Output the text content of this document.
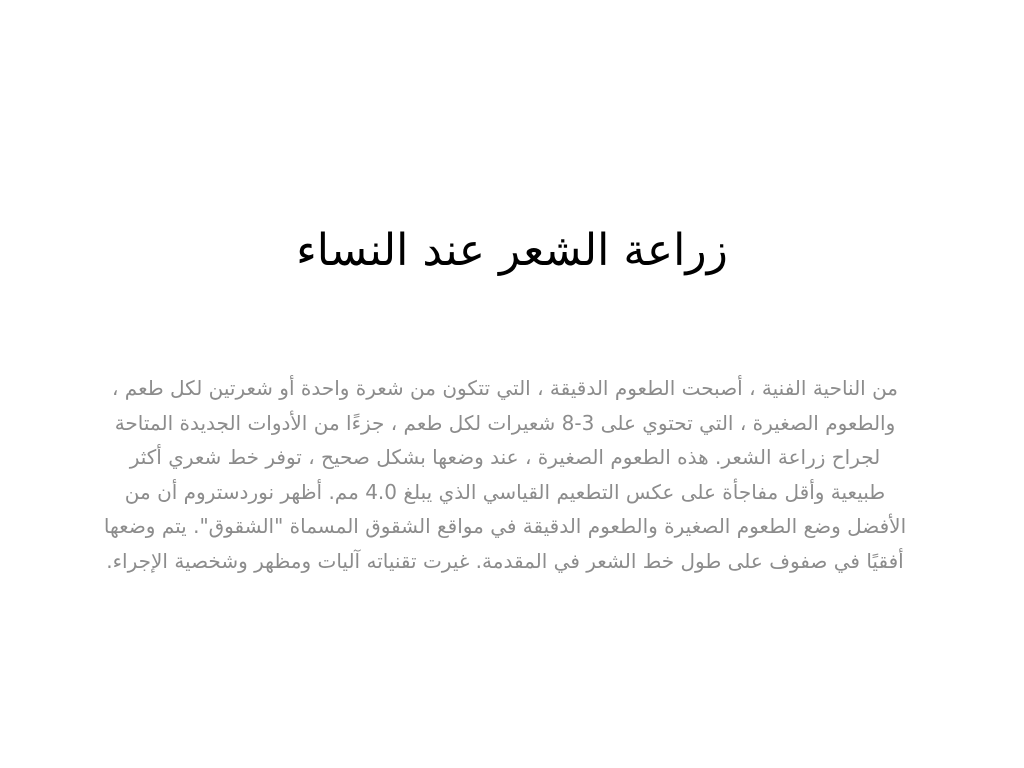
زراعة الشعر عند النساء

من الناحية الفنية ، أصبحت الطعوم الدقيقة ، التي تتكون من شعرة واحدة أو شعرتين لكل طعم ، والطعوم الصغيرة ، التي تحتوي على 3-8 شعيرات لكل طعم ، جزءًا من الأدوات الجديدة المتاحة لجراح زراعة الشعر. هذه الطعوم الصغيرة ، عند وضعها بشكل صحيح ، توفر خط شعري أكثر طبيعية وأقل مفاجأة على عكس التطعيم القياسي الذي يبلغ 4.0 مم. أظهر نوردستروم أن من الأفضل وضع الطعوم الصغيرة والطعوم الدقيقة في مواقع الشقوق المسماة "الشقوق". يتم وضعها أفقيًا في صفوف على طول خط الشعر في المقدمة. غيرت تقنياته آليات ومظهر وشخصية الإجراء.
